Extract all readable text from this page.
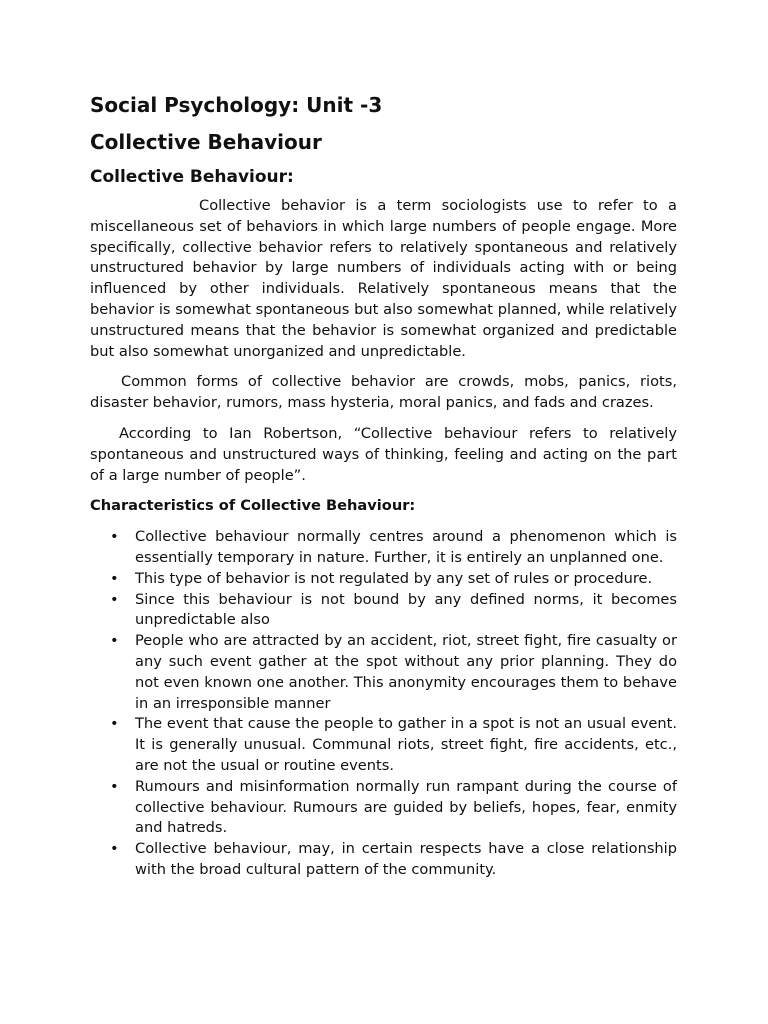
Social Psychology: Unit -3
Collective Behaviour
Collective Behaviour:

Collective behavior is a term sociologists use to refer to a miscellaneous set of behaviors in which large numbers of people engage. More specifically, collective behavior refers to relatively spontaneous and relatively unstructured behavior by large numbers of individuals acting with or being influenced by other individuals. Relatively spontaneous means that the behavior is somewhat spontaneous but also somewhat planned, while relatively unstructured means that the behavior is somewhat organized and predictable but also somewhat unorganized and unpredictable.

Common forms of collective behavior are crowds, mobs, panics, riots, disaster behavior, rumors, mass hysteria, moral panics, and fads and crazes.

According to Ian Robertson, “Collective behaviour refers to relatively spontaneous and unstructured ways of thinking, feeling and acting on the part of a large number of people”.

Characteristics of Collective Behaviour:
• Collective behaviour normally centres around a phenomenon which is essentially temporary in nature. Further, it is entirely an unplanned one.
• This type of behavior is not regulated by any set of rules or procedure.
• Since this behaviour is not bound by any defined norms, it becomes unpredictable also
• People who are attracted by an accident, riot, street fight, fire casualty or any such event gather at the spot without any prior planning. They do not even known one another. This anonymity encourages them to behave in an irresponsible manner
• The event that cause the people to gather in a spot is not an usual event. It is generally unusual. Communal riots, street fight, fire accidents, etc., are not the usual or routine events.
• Rumours and misinformation normally run rampant during the course of collective behaviour. Rumours are guided by beliefs, hopes, fear, enmity and hatreds.
• Collective behaviour, may, in certain respects have a close relationship with the broad cultural pattern of the community.
